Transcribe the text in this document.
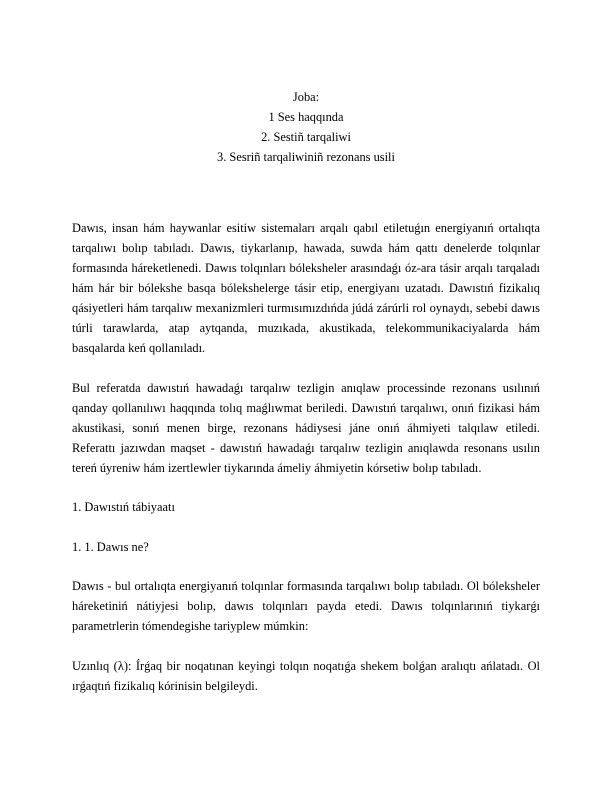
Joba:
1 Ses haqqında
2. Sestiñ tarqaliwi
3. Sesriñ tarqaliwiniñ rezonans usili

Dawıs, insan hám haywanlar esitiw sistemaları arqalı qabıl etiletuǵın energiyanıń ortalıqta tarqalıwı bolıp tabıladı. Dawıs, tiykarlanıp, hawada, suwda hám qattı denelerde tolqınlar formasında háreketlenedi. Dawıs tolqınları bóleksheler arasındaǵı óz-ara tásir arqalı tarqaladı hám hár bir bólekshe basqa bólekshelerge tásir etip, energiyanı uzatadı. Dawıstıń fizikalıq qásiyetleri hám tarqalıw mexanizmleri turmısımızdıńda júdá zárúrli rol oynaydı, sebebi dawıs túrli tarawlarda, atap aytqanda, muzıkada, akustikada, telekommunikaciyalarda hám basqalarda keń qollanıladı.

Bul referatda dawıstıń hawadaǵı tarqalıw tezligin anıqlaw processinde rezonans usılınıń qanday qollanılıwı haqqında tolıq maǵlıwmat beriledi. Dawıstıń tarqalıwı, onıń fizikasi hám akustikasi, sonıń menen birge, rezonans hádiysesi jáne onıń áhmiyeti talqılaw etiledi. Referattı jazıwdan maqset - dawıstıń hawadaǵı tarqalıw tezligin anıqlawda resonans usılın tereń úyreniw hám izertlewler tiykarında ámeliy áhmiyetin kórsetiw bolıp tabıladı.

1. Dawıstıń tábiyaatı

1. 1. Dawıs ne?

Dawıs - bul ortalıqta energiyanıń tolqınlar formasında tarqalıwı bolıp tabıladı. Ol bóleksheler háreketiniń nátiyjesi bolıp, dawıs tolqınları payda etedi. Dawıs tolqınlarınıń tiykarǵı parametrlerin tómendegishe tariyplew múmkin:

Uzınlıq (λ): Írǵaq bir noqatınan keyingi tolqın noqatıǵa shekem bolǵan aralıqtı ańlatadı. Ol ırǵaqtıń fizikalıq kórinisin belgileydi.
